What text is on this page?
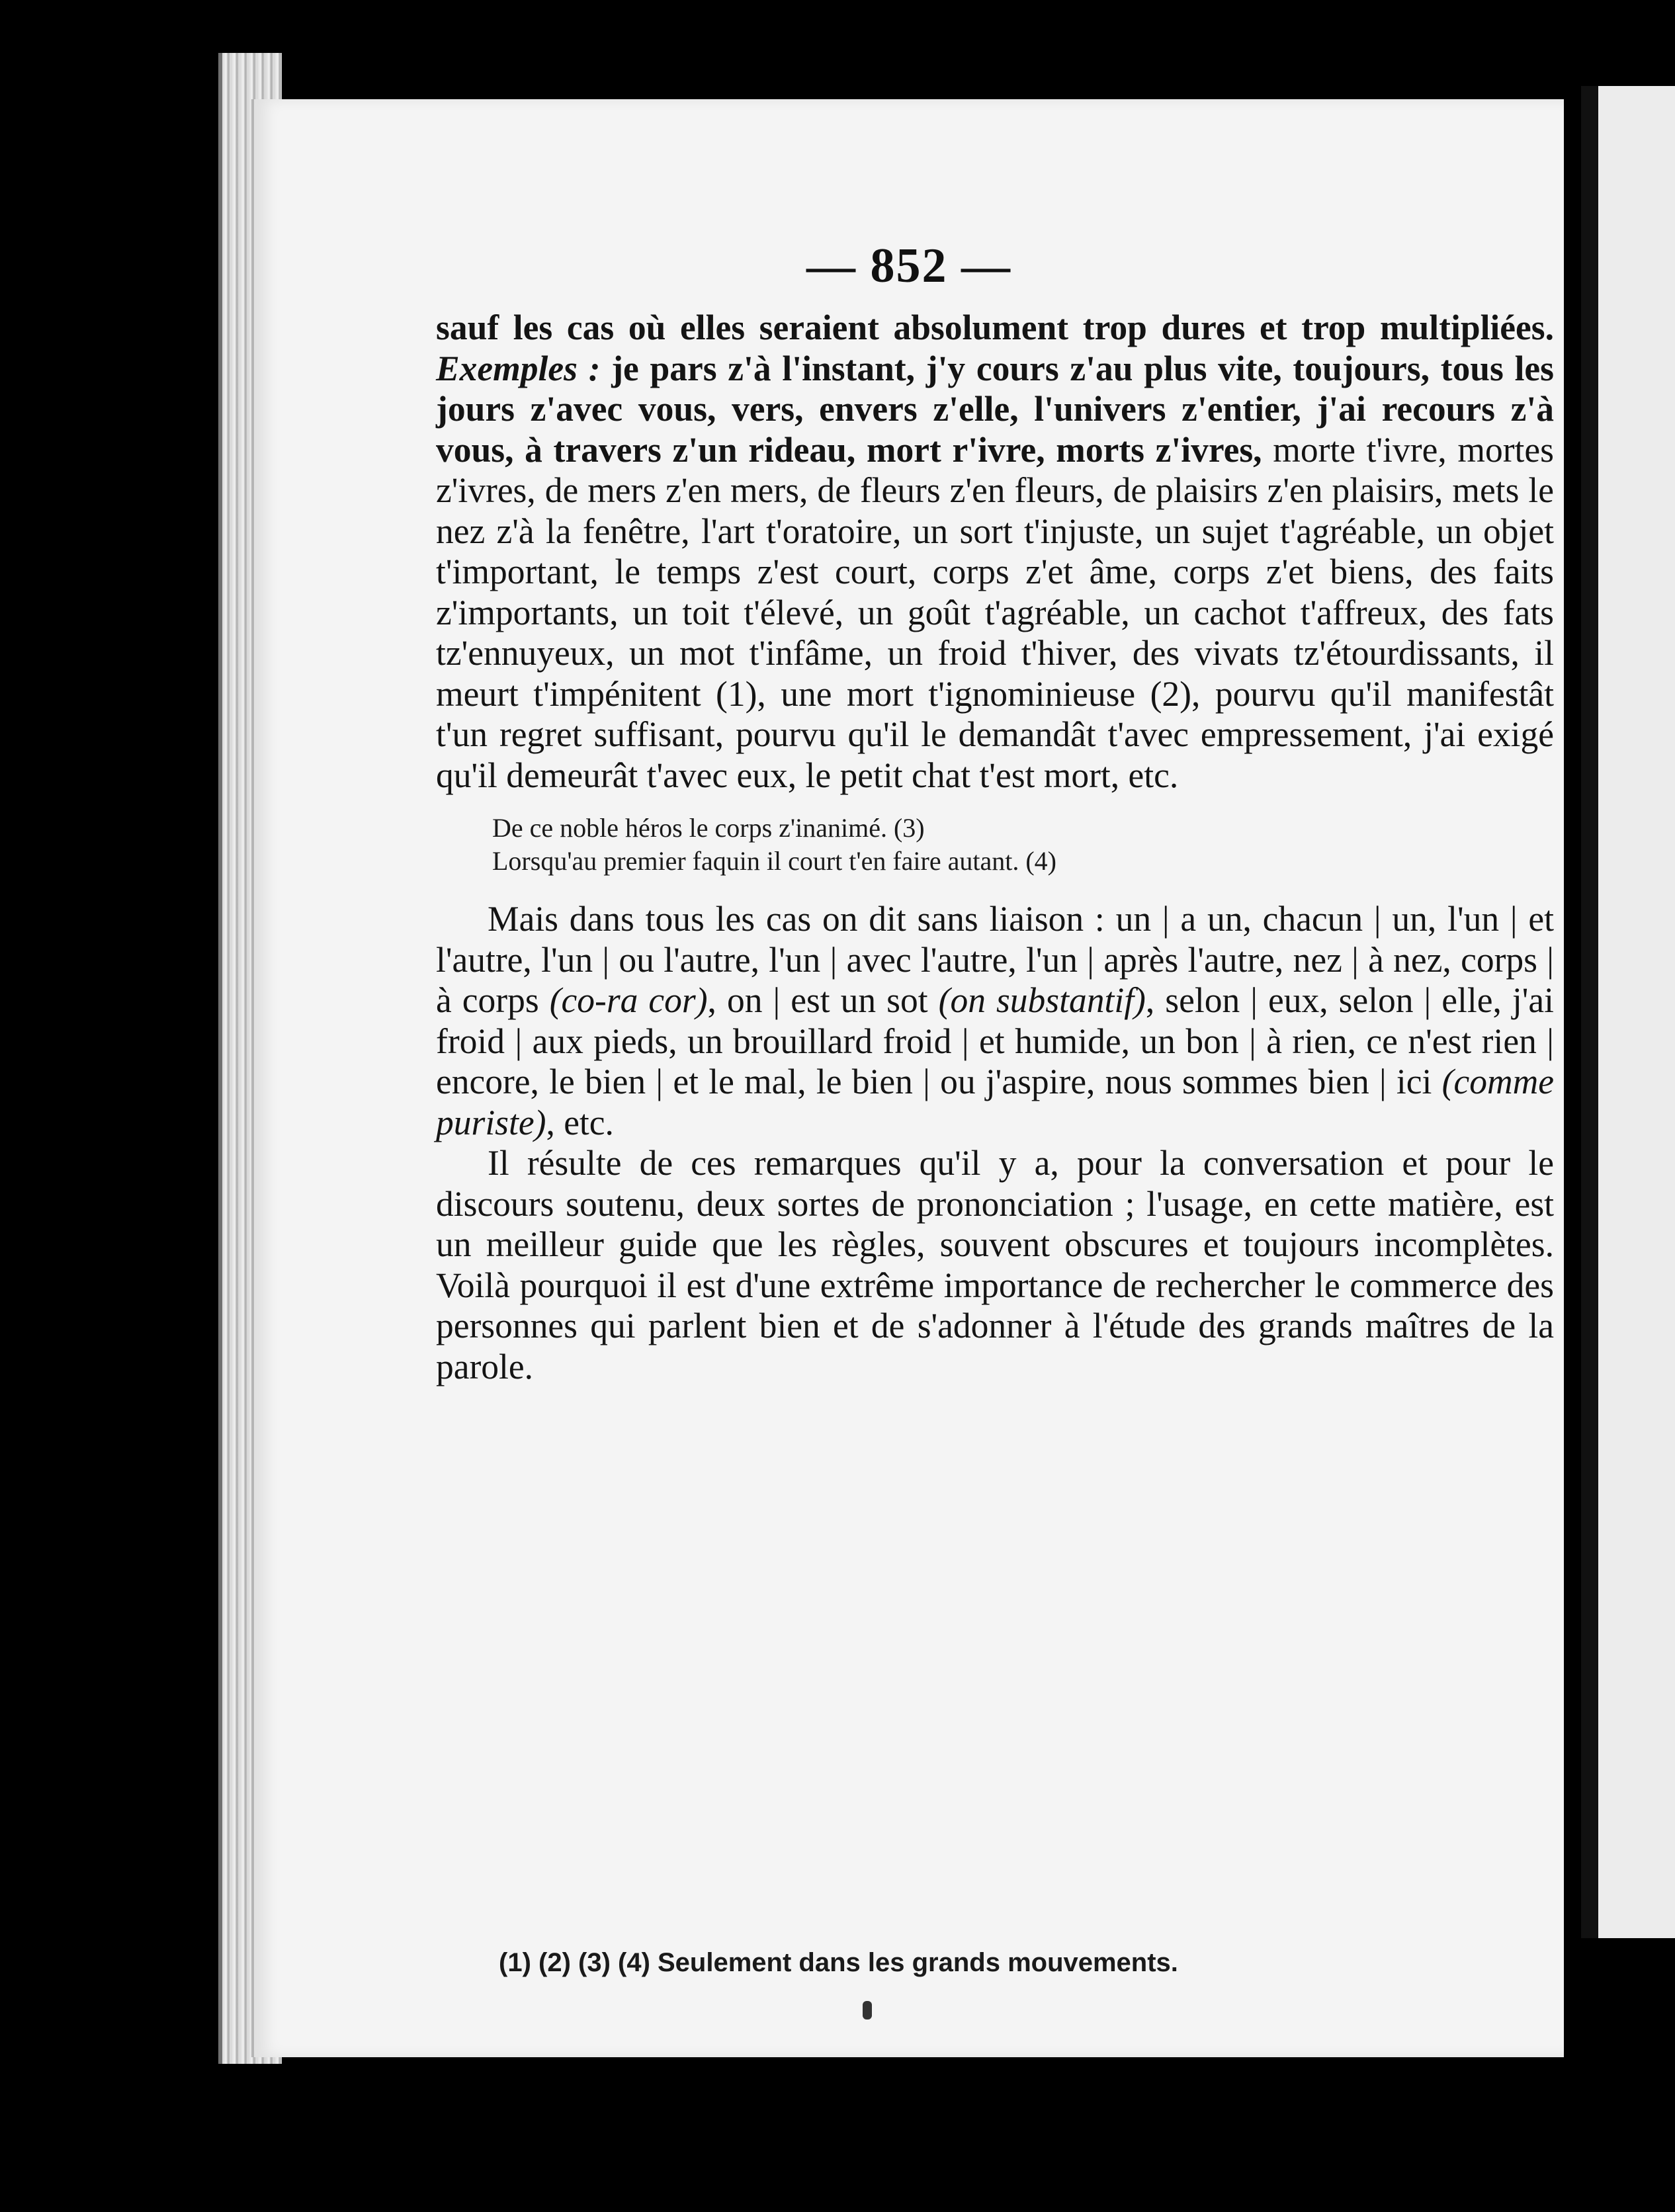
— 852 —

sauf les cas où elles seraient absolument trop dures et trop multipliées. Exemples : je pars z'à l'instant, j'y cours z'au plus vite, toujours, tous les jours z'avec vous, vers, envers z'elle, l'univers z'entier, j'ai recours z'à vous, à travers z'un rideau, mort r'ivre, morts z'ivres, morte t'ivre, mortes z'ivres, de mers z'en mers, de fleurs z'en fleurs, de plaisirs z'en plaisirs, mets le nez z'à la fenêtre, l'art t'oratoire, un sort t'injuste, un sujet t'agréable, un objet t'important, le temps z'est court, corps z'et âme, corps z'et biens, des faits z'importants, un toit t'élevé, un goût t'agréable, un cachot t'affreux, des fats tz'ennuyeux, un mot t'infâme, un froid t'hiver, des vivats tz'étourdissants, il meurt t'impénitent (1), une mort t'ignominieuse (2), pourvu qu'il manifestât t'un regret suffisant, pourvu qu'il le demandât t'avec empressement, j'ai exigé qu'il demeurât t'avec eux, le petit chat t'est mort, etc.

De ce noble héros le corps z'inanimé. (3)
Lorsqu'au premier faquin il court t'en faire autant. (4)

Mais dans tous les cas on dit sans liaison : un | a un, chacun | un, l'un | et l'autre, l'un | ou l'autre, l'un | avec l'autre, l'un | après l'autre, nez | à nez, corps | à corps (co-ra cor), on | est un sot (on substantif), selon | eux, selon | elle, j'ai froid | aux pieds, un brouillard froid | et humide, un bon | à rien, ce n'est rien | encore, le bien | et le mal, le bien | ou j'aspire, nous sommes bien | ici (comme puriste), etc.

Il résulte de ces remarques qu'il y a, pour la conversation et pour le discours soutenu, deux sortes de prononciation ; l'usage, en cette matière, est un meilleur guide que les règles, souvent obscures et toujours incomplètes. Voilà pourquoi il est d'une extrême importance de rechercher le commerce des personnes qui parlent bien et de s'adonner à l'étude des grands maîtres de la parole.

(1) (2) (3) (4) Seulement dans les grands mouvements.
